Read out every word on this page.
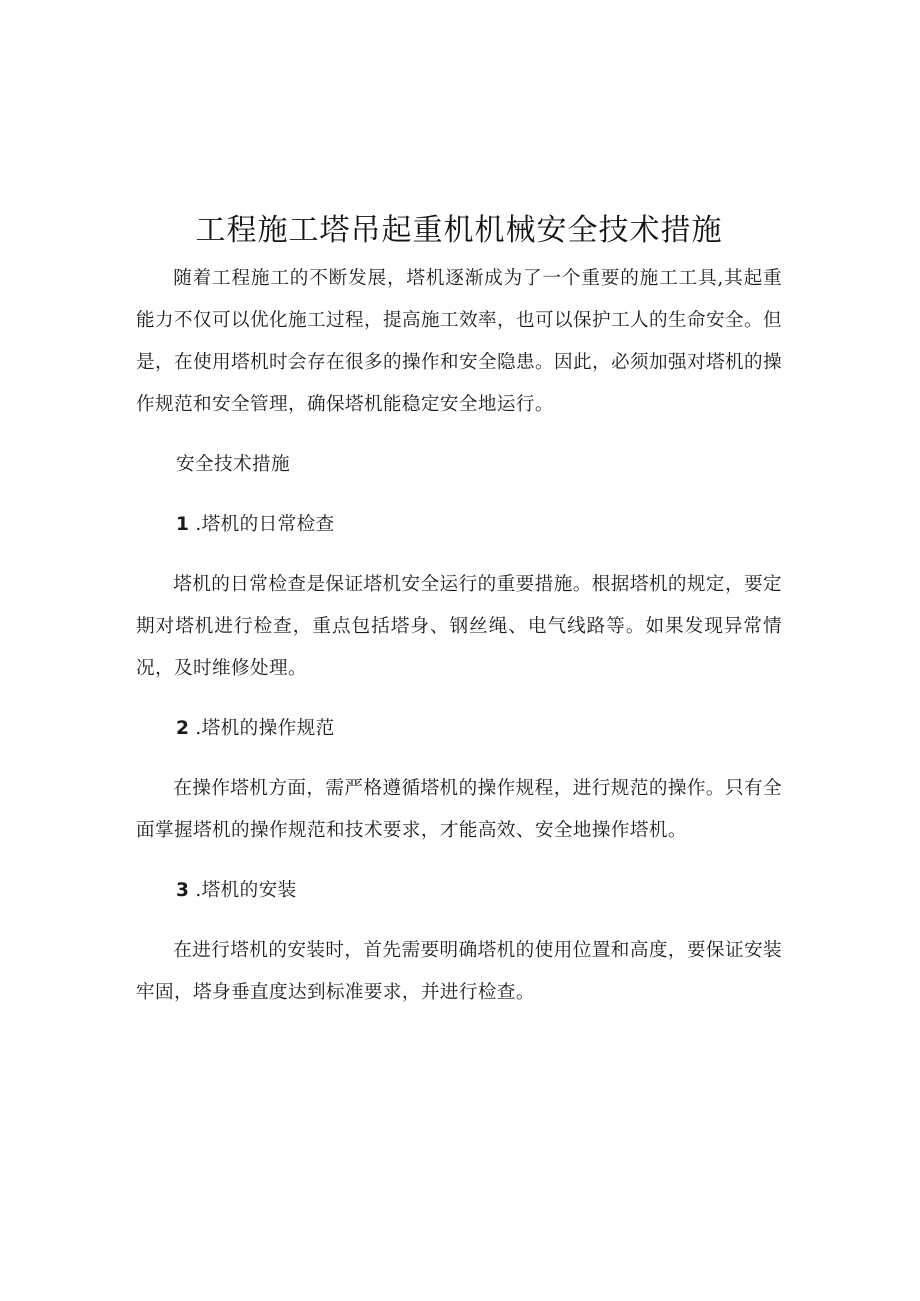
工程施工塔吊起重机机械安全技术措施

随着工程施工的不断发展，塔机逐渐成为了一个重要的施工工具,其起重能力不仅可以优化施工过程，提高施工效率，也可以保护工人的生命安全。但是，在使用塔机时会存在很多的操作和安全隐患。因此，必须加强对塔机的操作规范和安全管理，确保塔机能稳定安全地运行。

安全技术措施

1 .塔机的日常检查

塔机的日常检查是保证塔机安全运行的重要措施。根据塔机的规定，要定期对塔机进行检查，重点包括塔身、钢丝绳、电气线路等。如果发现异常情况，及时维修处理。

2 .塔机的操作规范

在操作塔机方面，需严格遵循塔机的操作规程，进行规范的操作。只有全面掌握塔机的操作规范和技术要求，才能高效、安全地操作塔机。

3 .塔机的安装

在进行塔机的安装时，首先需要明确塔机的使用位置和高度，要保证安装牢固，塔身垂直度达到标准要求，并进行检查。
